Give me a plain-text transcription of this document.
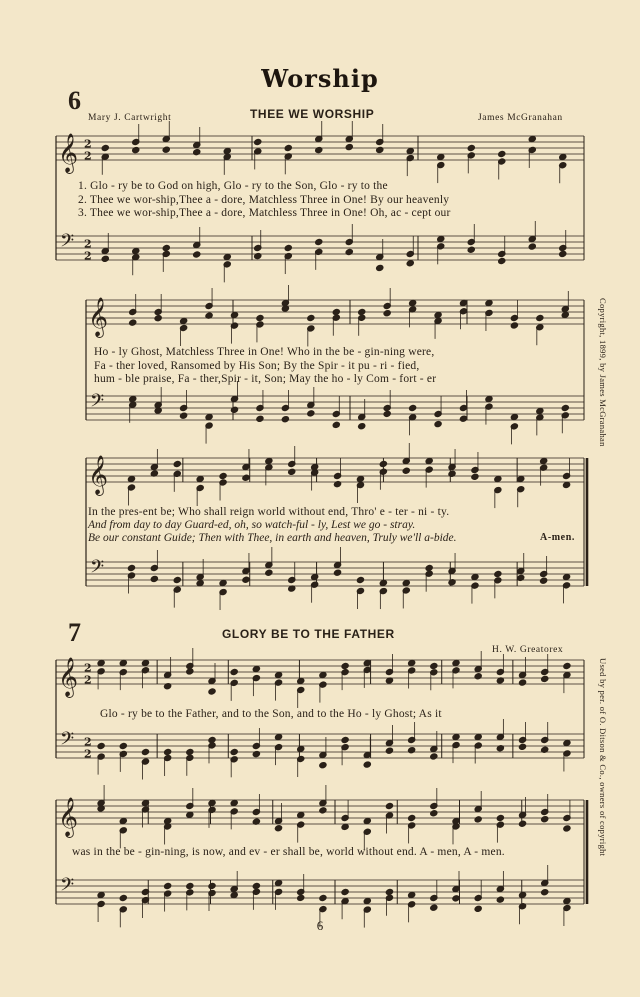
𝄞
𝄢
2
2
2
2
𝄞
𝄢
𝄞
𝄢
𝄞
𝄢
2
2
2
2
𝄞
𝄢
Worship
6
Mary J. Cartwright	THEE WE WORSHIP	James McGranahan
1. Glo - ry be to God on high, Glo - ry to the Son, Glo - ry to the
2. Thee we wor-ship,Thee a - dore, Matchless Three in One! By our heavenly
3. Thee we wor-ship,Thee a - dore, Matchless Three in One! Oh, ac - cept our
Ho - ly Ghost, Matchless Three in One! Who in the be - gin-ning were,
Fa - ther loved, Ransomed by His Son; By the Spir - it pu - ri - fied,
hum - ble praise, Fa - ther,Spir - it, Son; May the ho - ly Com - fort - er
In the pres-ent be; Who shall reign world without end, Thro' e - ter - ni - ty.
And from day to day Guard-ed, oh, so watch-ful - ly, Lest we go - stray.
Be our constant Guide; Then with Thee, in earth and heaven, Truly we'll a-bide.	A-men.
Copyright, 1899, by James McGranahan
7	GLORY BE TO THE FATHER
H. W. Greatorex
Glo - ry be to the Father, and to the Son, and to the Ho - ly Ghost; As it
was in the be - gin-ning, is now, and ev - er shall be, world without end. A - men, A - men.	Used by per. of O. Ditson & Co., owners of copyright
6
